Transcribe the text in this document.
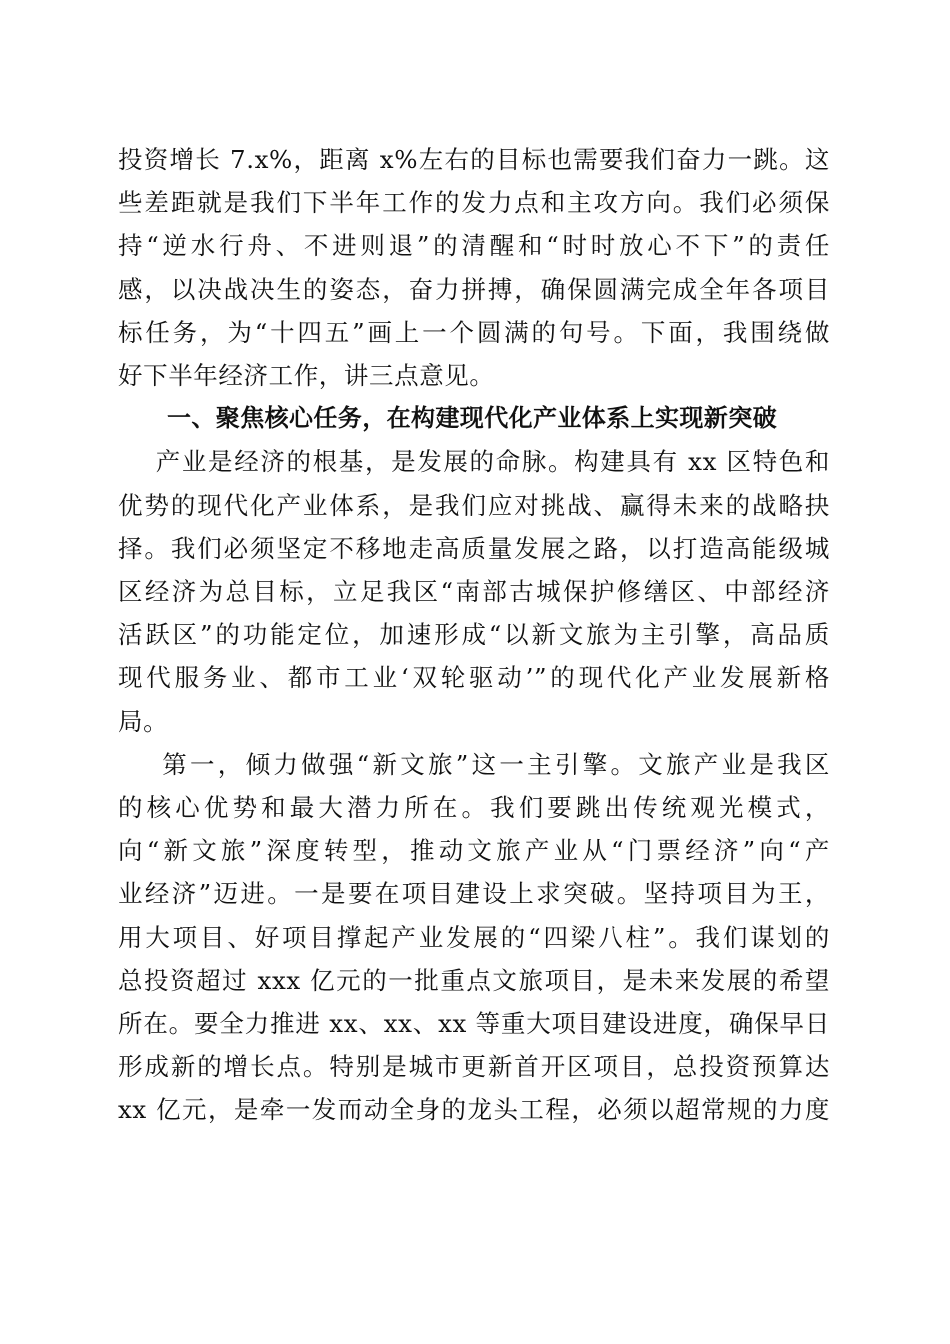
投资增长 7.x%，距离 x%左右的目标也需要我们奋力一跳。这
些差距就是我们下半年工作的发力点和主攻方向。我们必须保
持“逆水行舟、不进则退”的清醒和“时时放心不下”的责任
感，以决战决生的姿态，奋力拼搏，确保圆满完成全年各项目
标任务，为“十四五”画上一个圆满的句号。下面，我围绕做
好下半年经济工作，讲三点意见。
一、聚焦核心任务，在构建现代化产业体系上实现新突破
产业是经济的根基，是发展的命脉。构建具有 xx 区特色和
优势的现代化产业体系，是我们应对挑战、赢得未来的战略抉
择。我们必须坚定不移地走高质量发展之路，以打造高能级城
区经济为总目标，立足我区“南部古城保护修缮区、中部经济
活跃区”的功能定位，加速形成“以新文旅为主引擎，高品质
现代服务业、都市工业‘双轮驱动’”的现代化产业发展新格
局。
第一，倾力做强“新文旅”这一主引擎。文旅产业是我区
的核心优势和最大潜力所在。我们要跳出传统观光模式，
向“新文旅”深度转型，推动文旅产业从“门票经济”向“产
业经济”迈进。一是要在项目建设上求突破。坚持项目为王，
用大项目、好项目撑起产业发展的“四梁八柱”。我们谋划的
总投资超过 xxx 亿元的一批重点文旅项目，是未来发展的希望
所在。要全力推进 xx、xx、xx 等重大项目建设进度，确保早日
形成新的增长点。特别是城市更新首开区项目，总投资预算达
xx 亿元，是牵一发而动全身的龙头工程，必须以超常规的力度
